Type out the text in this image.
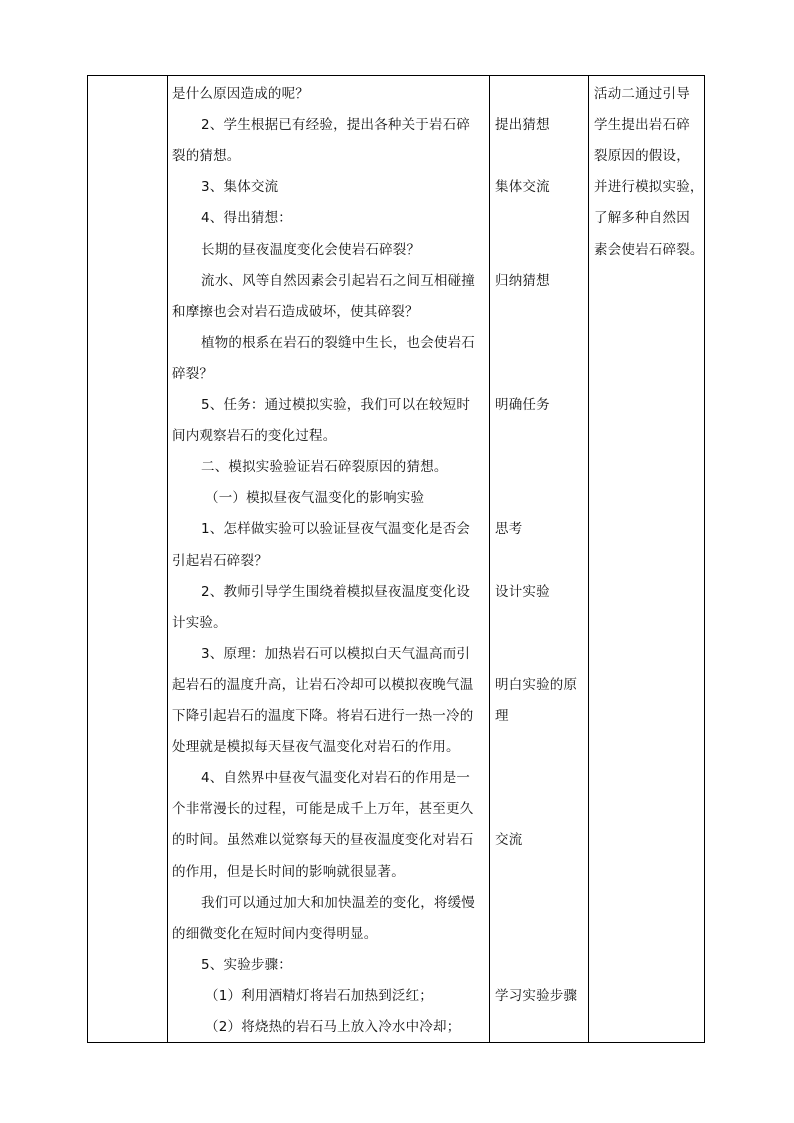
是什么原因造成的呢？
2、学生根据已有经验，提出各种关于岩石碎
裂的猜想。
3、集体交流
4、得出猜想：
长期的昼夜温度变化会使岩石碎裂？
流水、风等自然因素会引起岩石之间互相碰撞
和摩擦也会对岩石造成破坏，使其碎裂？
植物的根系在岩石的裂缝中生长，也会使岩石
碎裂？
5、任务：通过模拟实验，我们可以在较短时
间内观察岩石的变化过程。
二、模拟实验验证岩石碎裂原因的猜想。
（一）模拟昼夜气温变化的影响实验
1、怎样做实验可以验证昼夜气温变化是否会
引起岩石碎裂？
2、教师引导学生围绕着模拟昼夜温度变化设
计实验。
3、原理：加热岩石可以模拟白天气温高而引
起岩石的温度升高，让岩石冷却可以模拟夜晚气温
下降引起岩石的温度下降。将岩石进行一热一冷的
处理就是模拟每天昼夜气温变化对岩石的作用。
4、自然界中昼夜气温变化对岩石的作用是一
个非常漫长的过程，可能是成千上万年，甚至更久
的时间。虽然难以觉察每天的昼夜温度变化对岩石
的作用，但是长时间的影响就很显著。
我们可以通过加大和加快温差的变化，将缓慢
的细微变化在短时间内变得明显。
5、实验步骤：
（1）利用酒精灯将岩石加热到泛红；
（2）将烧热的岩石马上放入冷水中冷却；
提出猜想
集体交流
归纳猜想
明确任务
思考
设计实验
明白实验的原
理
交流
学习实验步骤
活动二通过引导
学生提出岩石碎
裂原因的假设，
并进行模拟实验，
了解多种自然因
素会使岩石碎裂。
